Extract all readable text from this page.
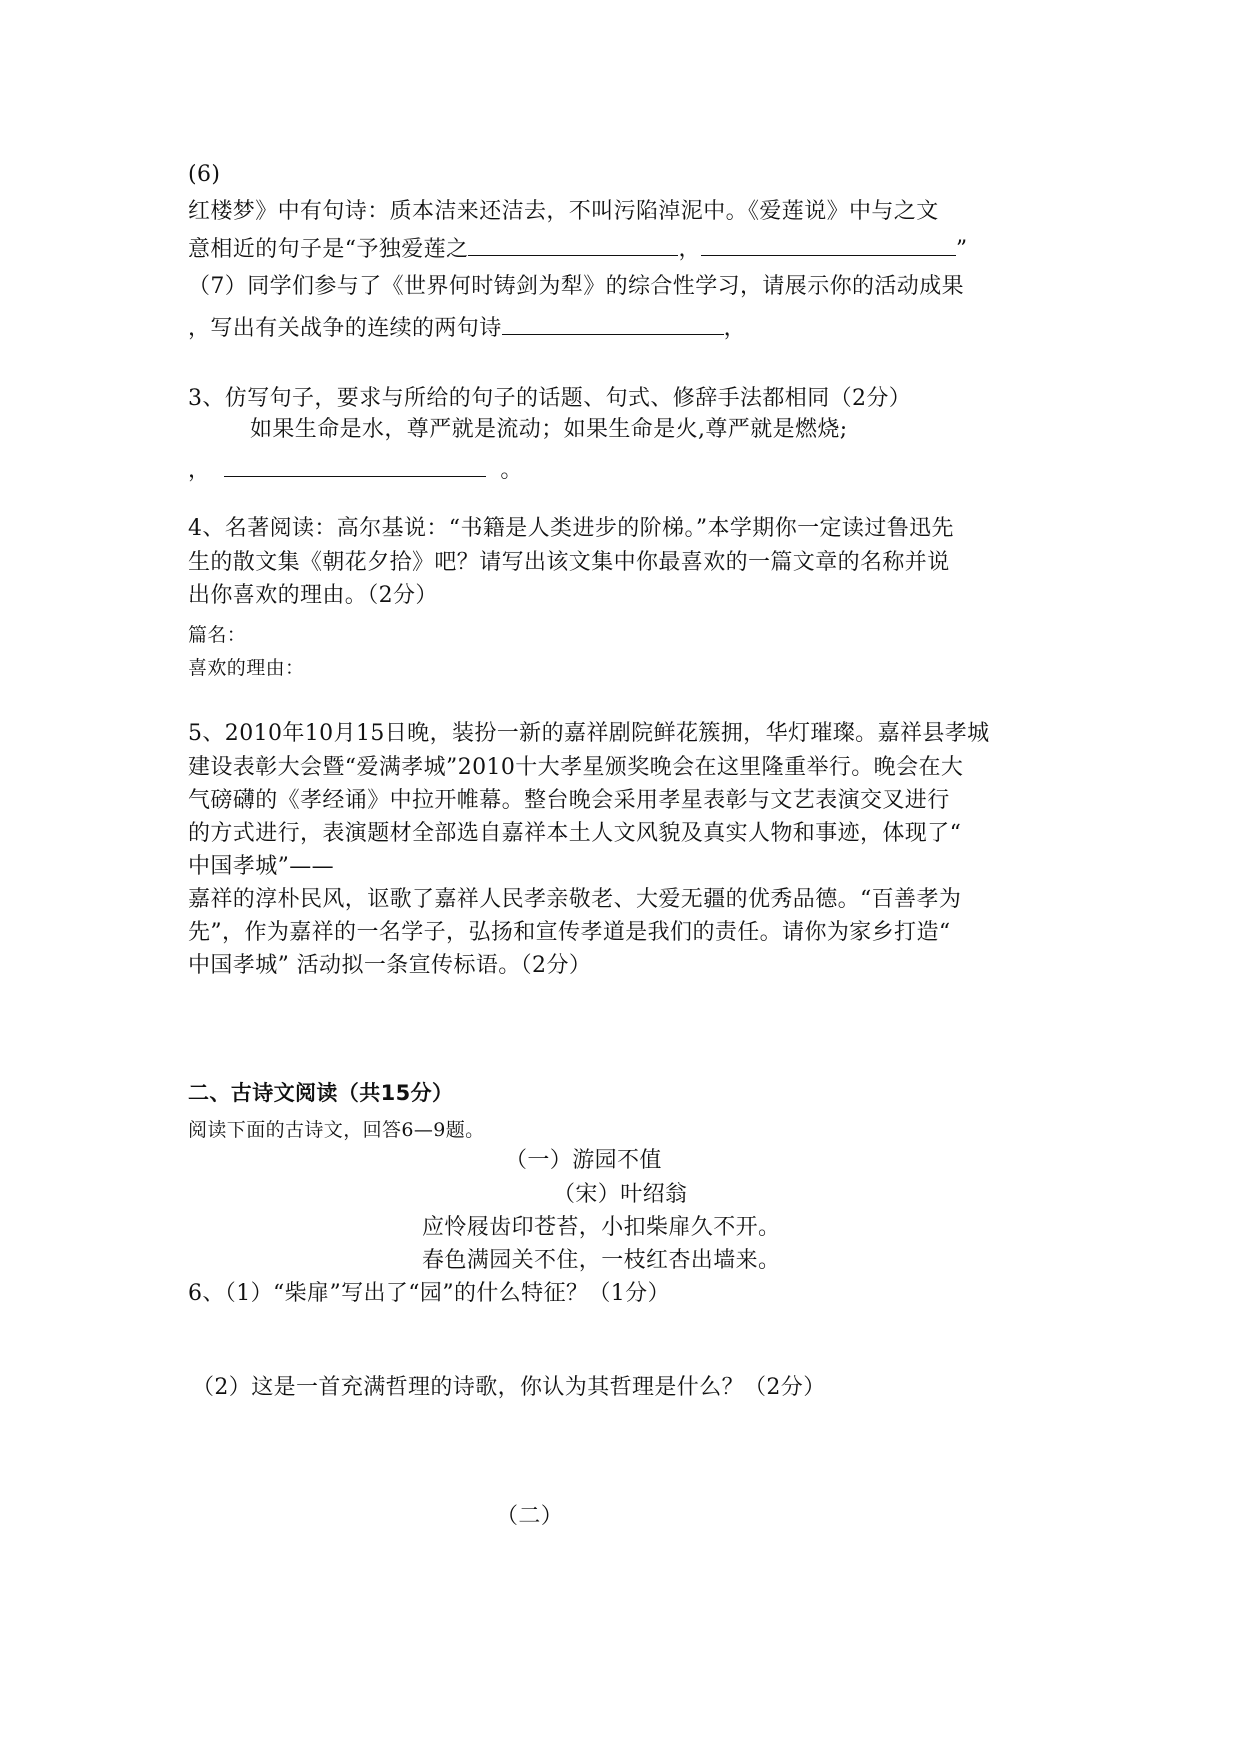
(6)
红楼梦》中有句诗：质本洁来还洁去，不叫污陷淖泥中。《爱莲说》中与之文
意相近的句子是“予独爱莲之	，	”
（7）同学们参与了《世界何时铸剑为犁》的综合性学习，请展示你的活动成果
，写出有关战争的连续的两句诗	，
3、仿写句子，要求与所给的句子的话题、句式、修辞手法都相同（2分）
如果生命是水，尊严就是流动；如果生命是火,尊严就是燃烧;
，	。
4、名著阅读：高尔基说：“书籍是人类进步的阶梯。”本学期你一定读过鲁迅先
生的散文集《朝花夕拾》吧？请写出该文集中你最喜欢的一篇文章的名称并说
出你喜欢的理由。（2分）
篇名：
喜欢的理由：
5、2010年10月15日晚，装扮一新的嘉祥剧院鲜花簇拥，华灯璀璨。嘉祥县孝城
建设表彰大会暨“爱满孝城”2010十大孝星颁奖晚会在这里隆重举行。晚会在大
气磅礴的《孝经诵》中拉开帷幕。整台晚会采用孝星表彰与文艺表演交叉进行
的方式进行，表演题材全部选自嘉祥本土人文风貌及真实人物和事迹，体现了“
中国孝城”——
嘉祥的淳朴民风，讴歌了嘉祥人民孝亲敬老、大爱无疆的优秀品德。“百善孝为
先”，作为嘉祥的一名学子，弘扬和宣传孝道是我们的责任。请你为家乡打造“
中国孝城” 活动拟一条宣传标语。（2分）
二、古诗文阅读（共15分）
阅读下面的古诗文，回答6—9题。
（一）游园不值
（宋）叶绍翁
应怜屐齿印苍苔，小扣柴扉久不开。
春色满园关不住，一枝红杏出墙来。
6、（1）“柴扉”写出了“园”的什么特征？（1分）
（2）这是一首充满哲理的诗歌，你认为其哲理是什么？（2分）
（二）
